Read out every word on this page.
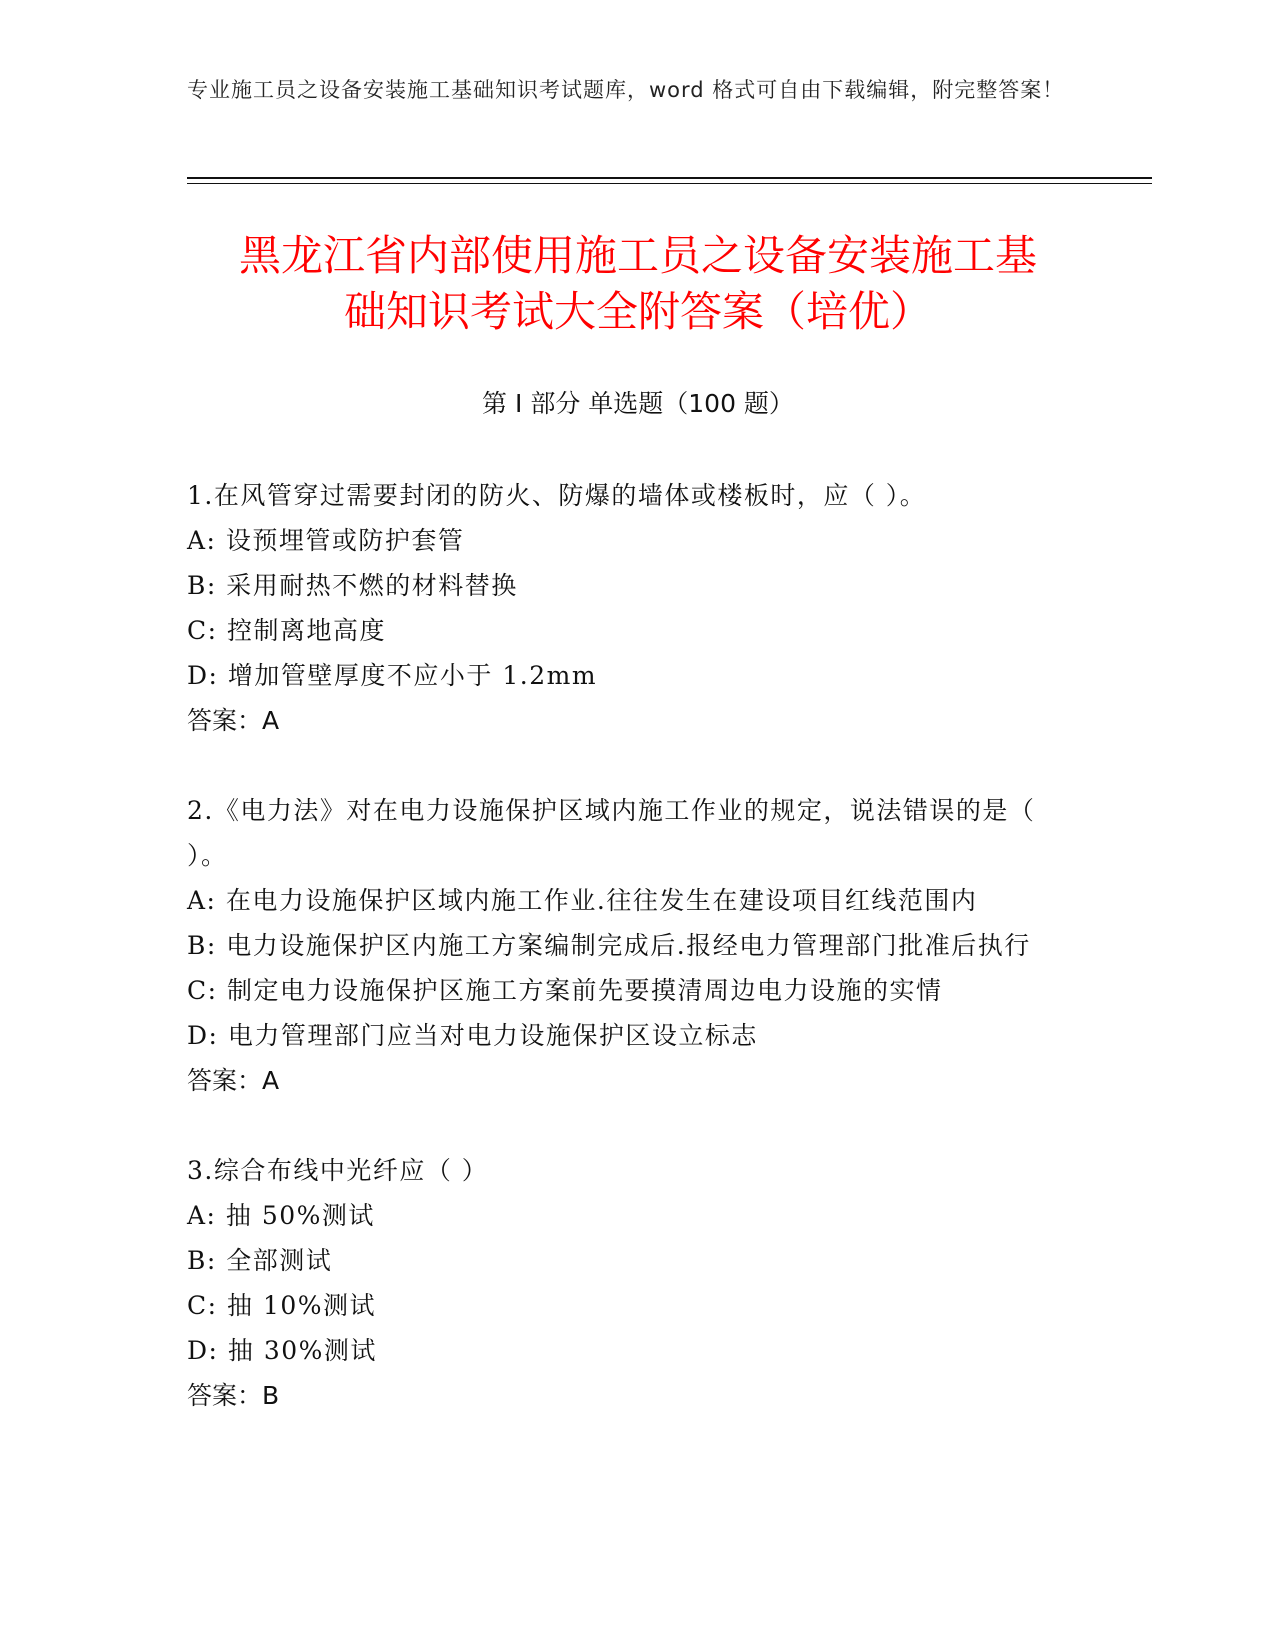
专业施工员之设备安装施工基础知识考试题库，word 格式可自由下载编辑，附完整答案！
黑龙江省内部使用施工员之设备安装施工基
础知识考试大全附答案（培优）
第 I 部分 单选题（100 题）
1.在风管穿过需要封闭的防火、防爆的墙体或楼板时，应（ ）。
A: 设预埋管或防护套管
B: 采用耐热不燃的材料替换
C: 控制离地高度
D: 增加管壁厚度不应小于 1.2mm
答案：A
2.《电力法》对在电力设施保护区域内施工作业的规定，说法错误的是（ ）。
A: 在电力设施保护区域内施工作业.往往发生在建设项目红线范围内
B: 电力设施保护区内施工方案编制完成后.报经电力管理部门批准后执行
C: 制定电力设施保护区施工方案前先要摸清周边电力设施的实情
D: 电力管理部门应当对电力设施保护区设立标志
答案：A
3.综合布线中光纤应（ ）
A: 抽 50%测试
B: 全部测试
C: 抽 10%测试
D: 抽 30%测试
答案：B
